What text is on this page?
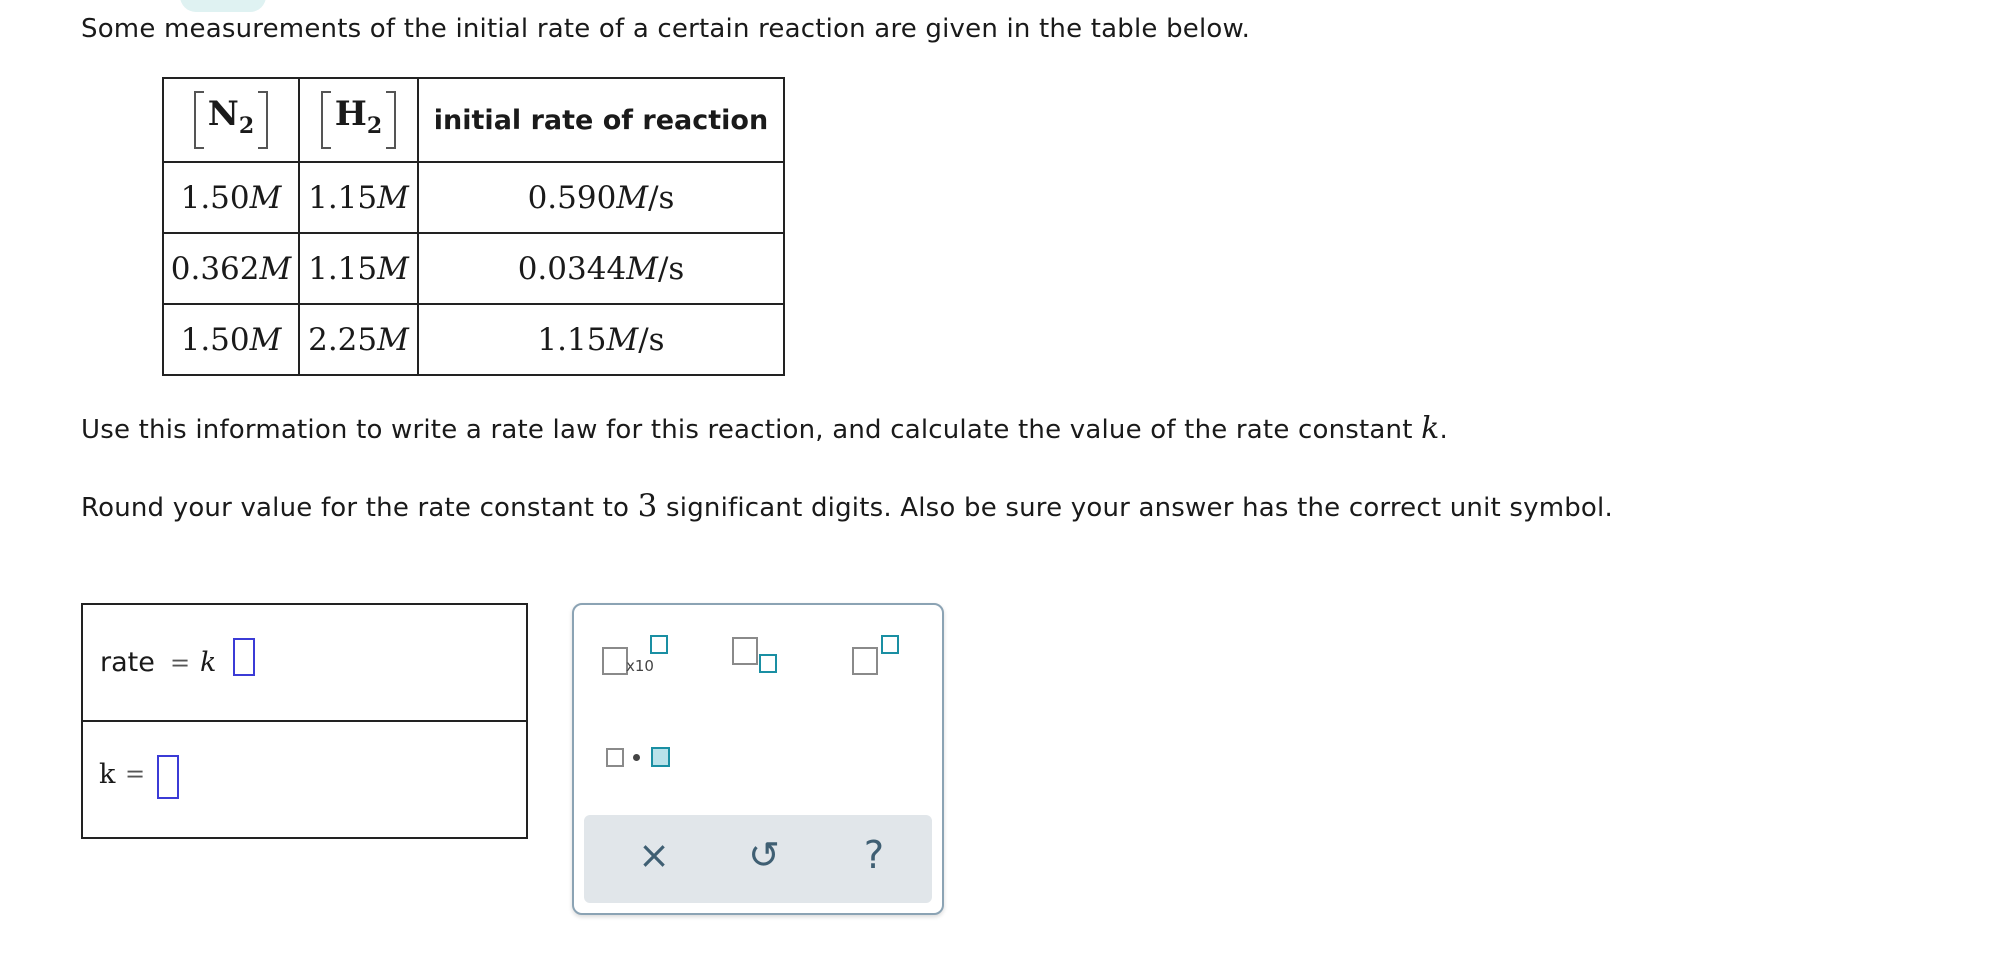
Some measurements of the initial rate of a certain reaction are given in the table below.
$N_2$	$H_2$	initial rate of reaction
1.50M	1.15M	0.590M/s
0.362M	1.15M	0.0344M/s
1.50M	2.25M	1.15M/s
Use this information to write a rate law for this reaction, and calculate the value of the rate constant k.
Round your value for the rate constant to 3 significant digits. Also be sure your answer has the correct unit symbol.
rate = k
k =
x10
× ↺	?
